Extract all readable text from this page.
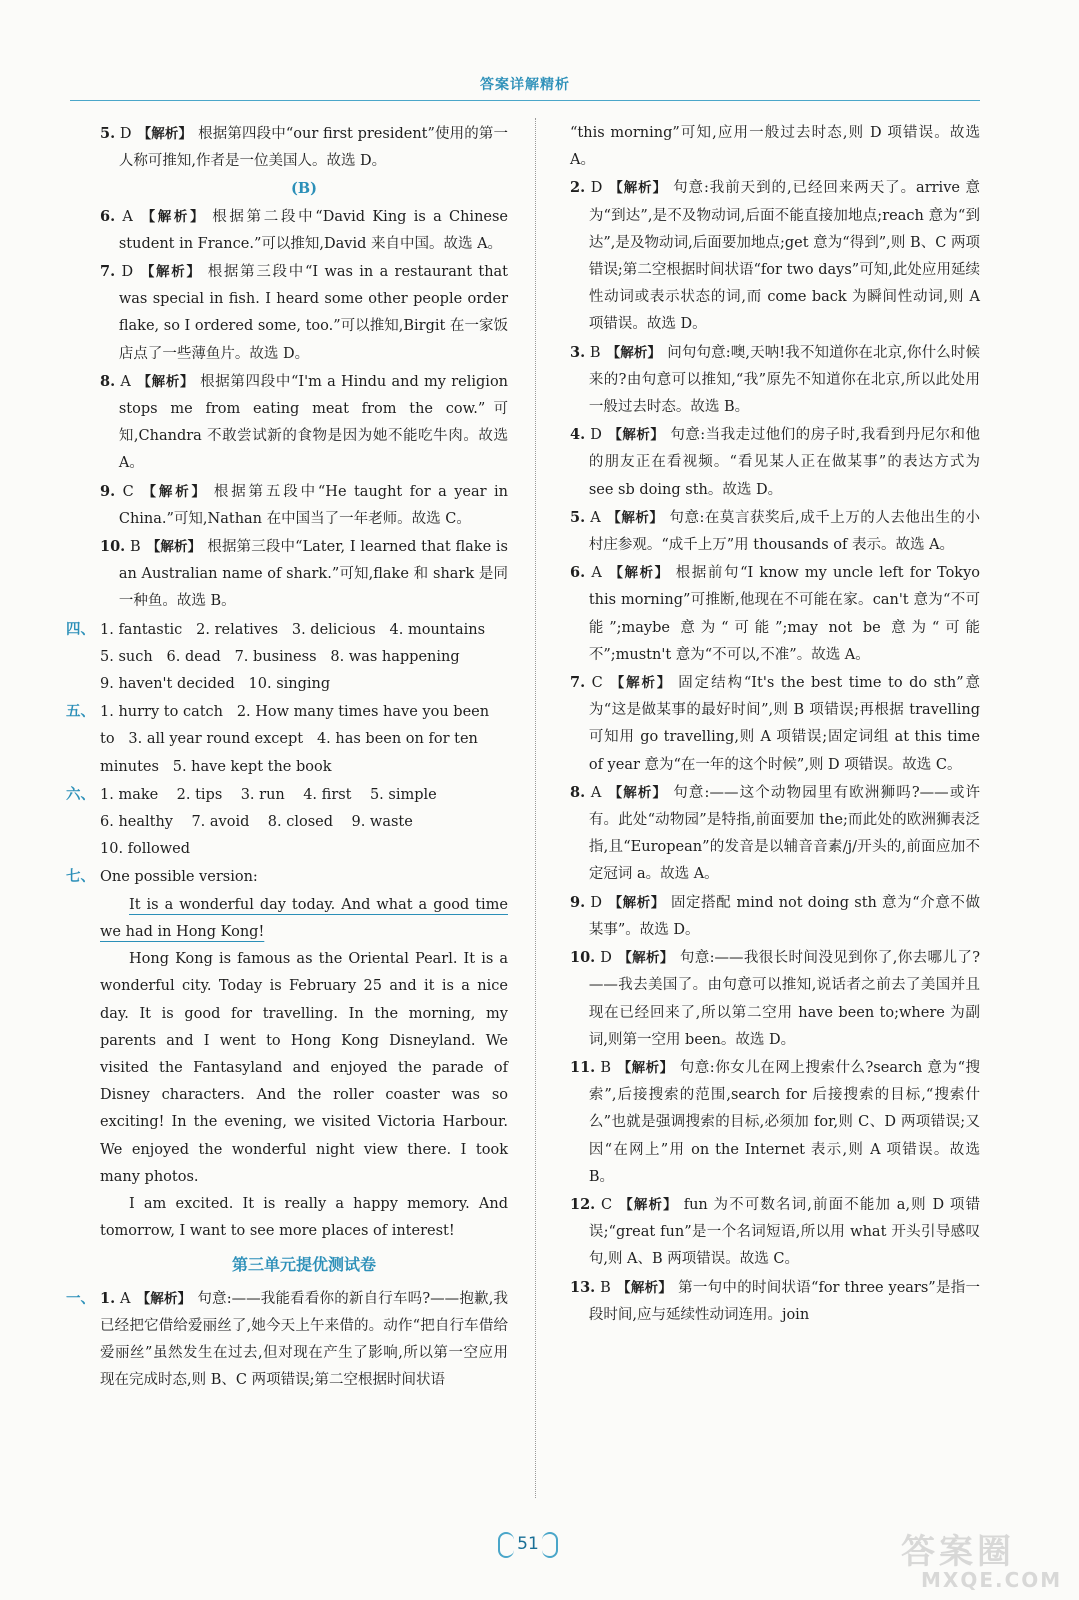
答案详解精析

5. D 【解析】 根据第四段中“our first president”使用的第一人称可推知,作者是一位美国人。故选 D。

(B)

6. A 【解析】 根据第二段中“David King is a Chinese student in France.”可以推知,David 来自中国。故选 A。

7. D 【解析】 根据第三段中“I was in a restaurant that was special in fish. I heard some other people order flake, so I ordered some, too.”可以推知,Birgit 在一家饭店点了一些薄鱼片。故选 D。

8. A 【解析】 根据第四段中“I'm a Hindu and my religion stops me from eating meat from the cow.”可知,Chandra 不敢尝试新的食物是因为她不能吃牛肉。故选 A。

9. C 【解析】 根据第五段中“He taught for a year in China.”可知,Nathan 在中国当了一年老师。故选 C。

10. B 【解析】 根据第三段中“Later, I learned that flake is an Australian name of shark.”可知,flake 和 shark 是同一种鱼。故选 B。

四、 1. fantastic   2. relatives   3. delicious   4. mountains

5. such   6. dead   7. business   8. was happening

9. haven't decided   10. singing

五、 1. hurry to catch   2. How many times have you been

to   3. all year round except   4. has been on for ten

minutes   5. have kept the book

六、 1. make    2. tips    3. run    4. first    5. simple

6. healthy    7. avoid    8. closed    9. waste

10. followed

七、 One possible version:

It is a wonderful day today. And what a good time we had in Hong Kong!

Hong Kong is famous as the Oriental Pearl. It is a wonderful city. Today is February 25 and it is a nice day. It is good for travelling. In the morning, my parents and I went to Hong Kong Disneyland. We visited the Fantasyland and enjoyed the parade of Disney characters. And the roller coaster was so exciting! In the evening, we visited Victoria Harbour. We enjoyed the wonderful night view there. I took many photos.

I am excited. It is really a happy memory. And tomorrow, I want to see more places of interest!

第三单元提优测试卷

一、 1. A 【解析】 句意:——我能看看你的新自行车吗?——抱歉,我已经把它借给爱丽丝了,她今天上午来借的。动作“把自行车借给爱丽丝”虽然发生在过去,但对现在产生了影响,所以第一空应用现在完成时态,则 B、C 两项错误;第二空根据时间状语

“this morning”可知,应用一般过去时态,则 D 项错误。故选 A。

2. D 【解析】 句意:我前天到的,已经回来两天了。arrive 意为“到达”,是不及物动词,后面不能直接加地点;reach 意为“到达”,是及物动词,后面要加地点;get 意为“得到”,则 B、C 两项错误;第二空根据时间状语“for two days”可知,此处应用延续性动词或表示状态的词,而 come back 为瞬间性动词,则 A 项错误。故选 D。

3. B 【解析】 问句句意:噢,天呐!我不知道你在北京,你什么时候来的?由句意可以推知,“我”原先不知道你在北京,所以此处用一般过去时态。故选 B。

4. D 【解析】 句意:当我走过他们的房子时,我看到丹尼尔和他的朋友正在看视频。“看见某人正在做某事”的表达方式为 see sb doing sth。故选 D。

5. A 【解析】 句意:在莫言获奖后,成千上万的人去他出生的小村庄参观。“成千上万”用 thousands of 表示。故选 A。

6. A 【解析】 根据前句“I know my uncle left for Tokyo this morning”可推断,他现在不可能在家。can't 意为“不可能”;maybe 意为“可能”;may not be 意为“可能不”;mustn't 意为“不可以,不准”。故选 A。

7. C 【解析】 固定结构“It's the best time to do sth”意为“这是做某事的最好时间”,则 B 项错误;再根据 travelling 可知用 go travelling,则 A 项错误;固定词组 at this time of year 意为“在一年的这个时候”,则 D 项错误。故选 C。

8. A 【解析】 句意:——这个动物园里有欧洲狮吗?——或许有。此处“动物园”是特指,前面要加 the;而此处的欧洲狮表泛指,且“European”的发音是以辅音音素/j/开头的,前面应加不定冠词 a。故选 A。

9. D 【解析】 固定搭配 mind not doing sth 意为“介意不做某事”。故选 D。

10. D 【解析】 句意:——我很长时间没见到你了,你去哪儿了?——我去美国了。由句意可以推知,说话者之前去了美国并且现在已经回来了,所以第二空用 have been to;where 为副词,则第一空用 been。故选 D。

11. B 【解析】 句意:你女儿在网上搜索什么?search 意为“搜索”,后接搜索的范围,search for 后接搜索的目标,“搜索什么”也就是强调搜索的目标,必须加 for,则 C、D 两项错误;又因“在网上”用 on the Internet 表示,则 A 项错误。故选 B。

12. C 【解析】 fun 为不可数名词,前面不能加 a,则 D 项错误;“great fun”是一个名词短语,所以用 what 开头引导感叹句,则 A、B 两项错误。故选 C。

13. B 【解析】 第一句中的时间状语“for three years”是指一段时间,应与延续性动词连用。join

51	答案圈
MXQE.COM
